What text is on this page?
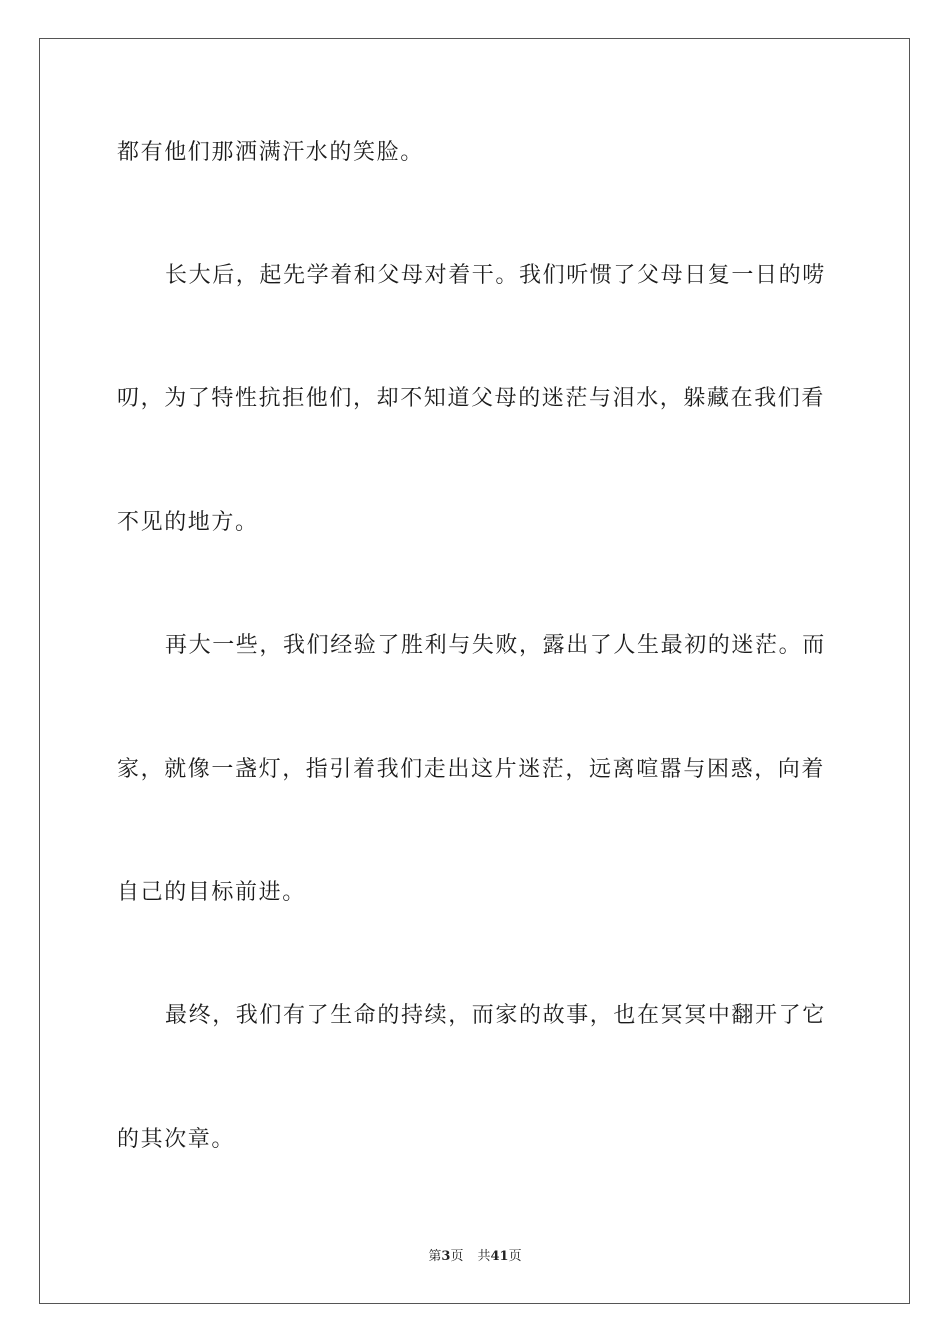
都有他们那洒满汗水的笑脸。
长大后，起先学着和父母对着干。我们听惯了父母日复一日的唠
叨，为了特性抗拒他们，却不知道父母的迷茫与泪水，躲藏在我们看
不见的地方。
再大一些，我们经验了胜利与失败，露出了人生最初的迷茫。而
家，就像一盏灯，指引着我们走出这片迷茫，远离喧嚣与困惑，向着
自己的目标前进。
最终，我们有了生命的持续，而家的故事，也在冥冥中翻开了它
的其次章。
第3页 共41页
